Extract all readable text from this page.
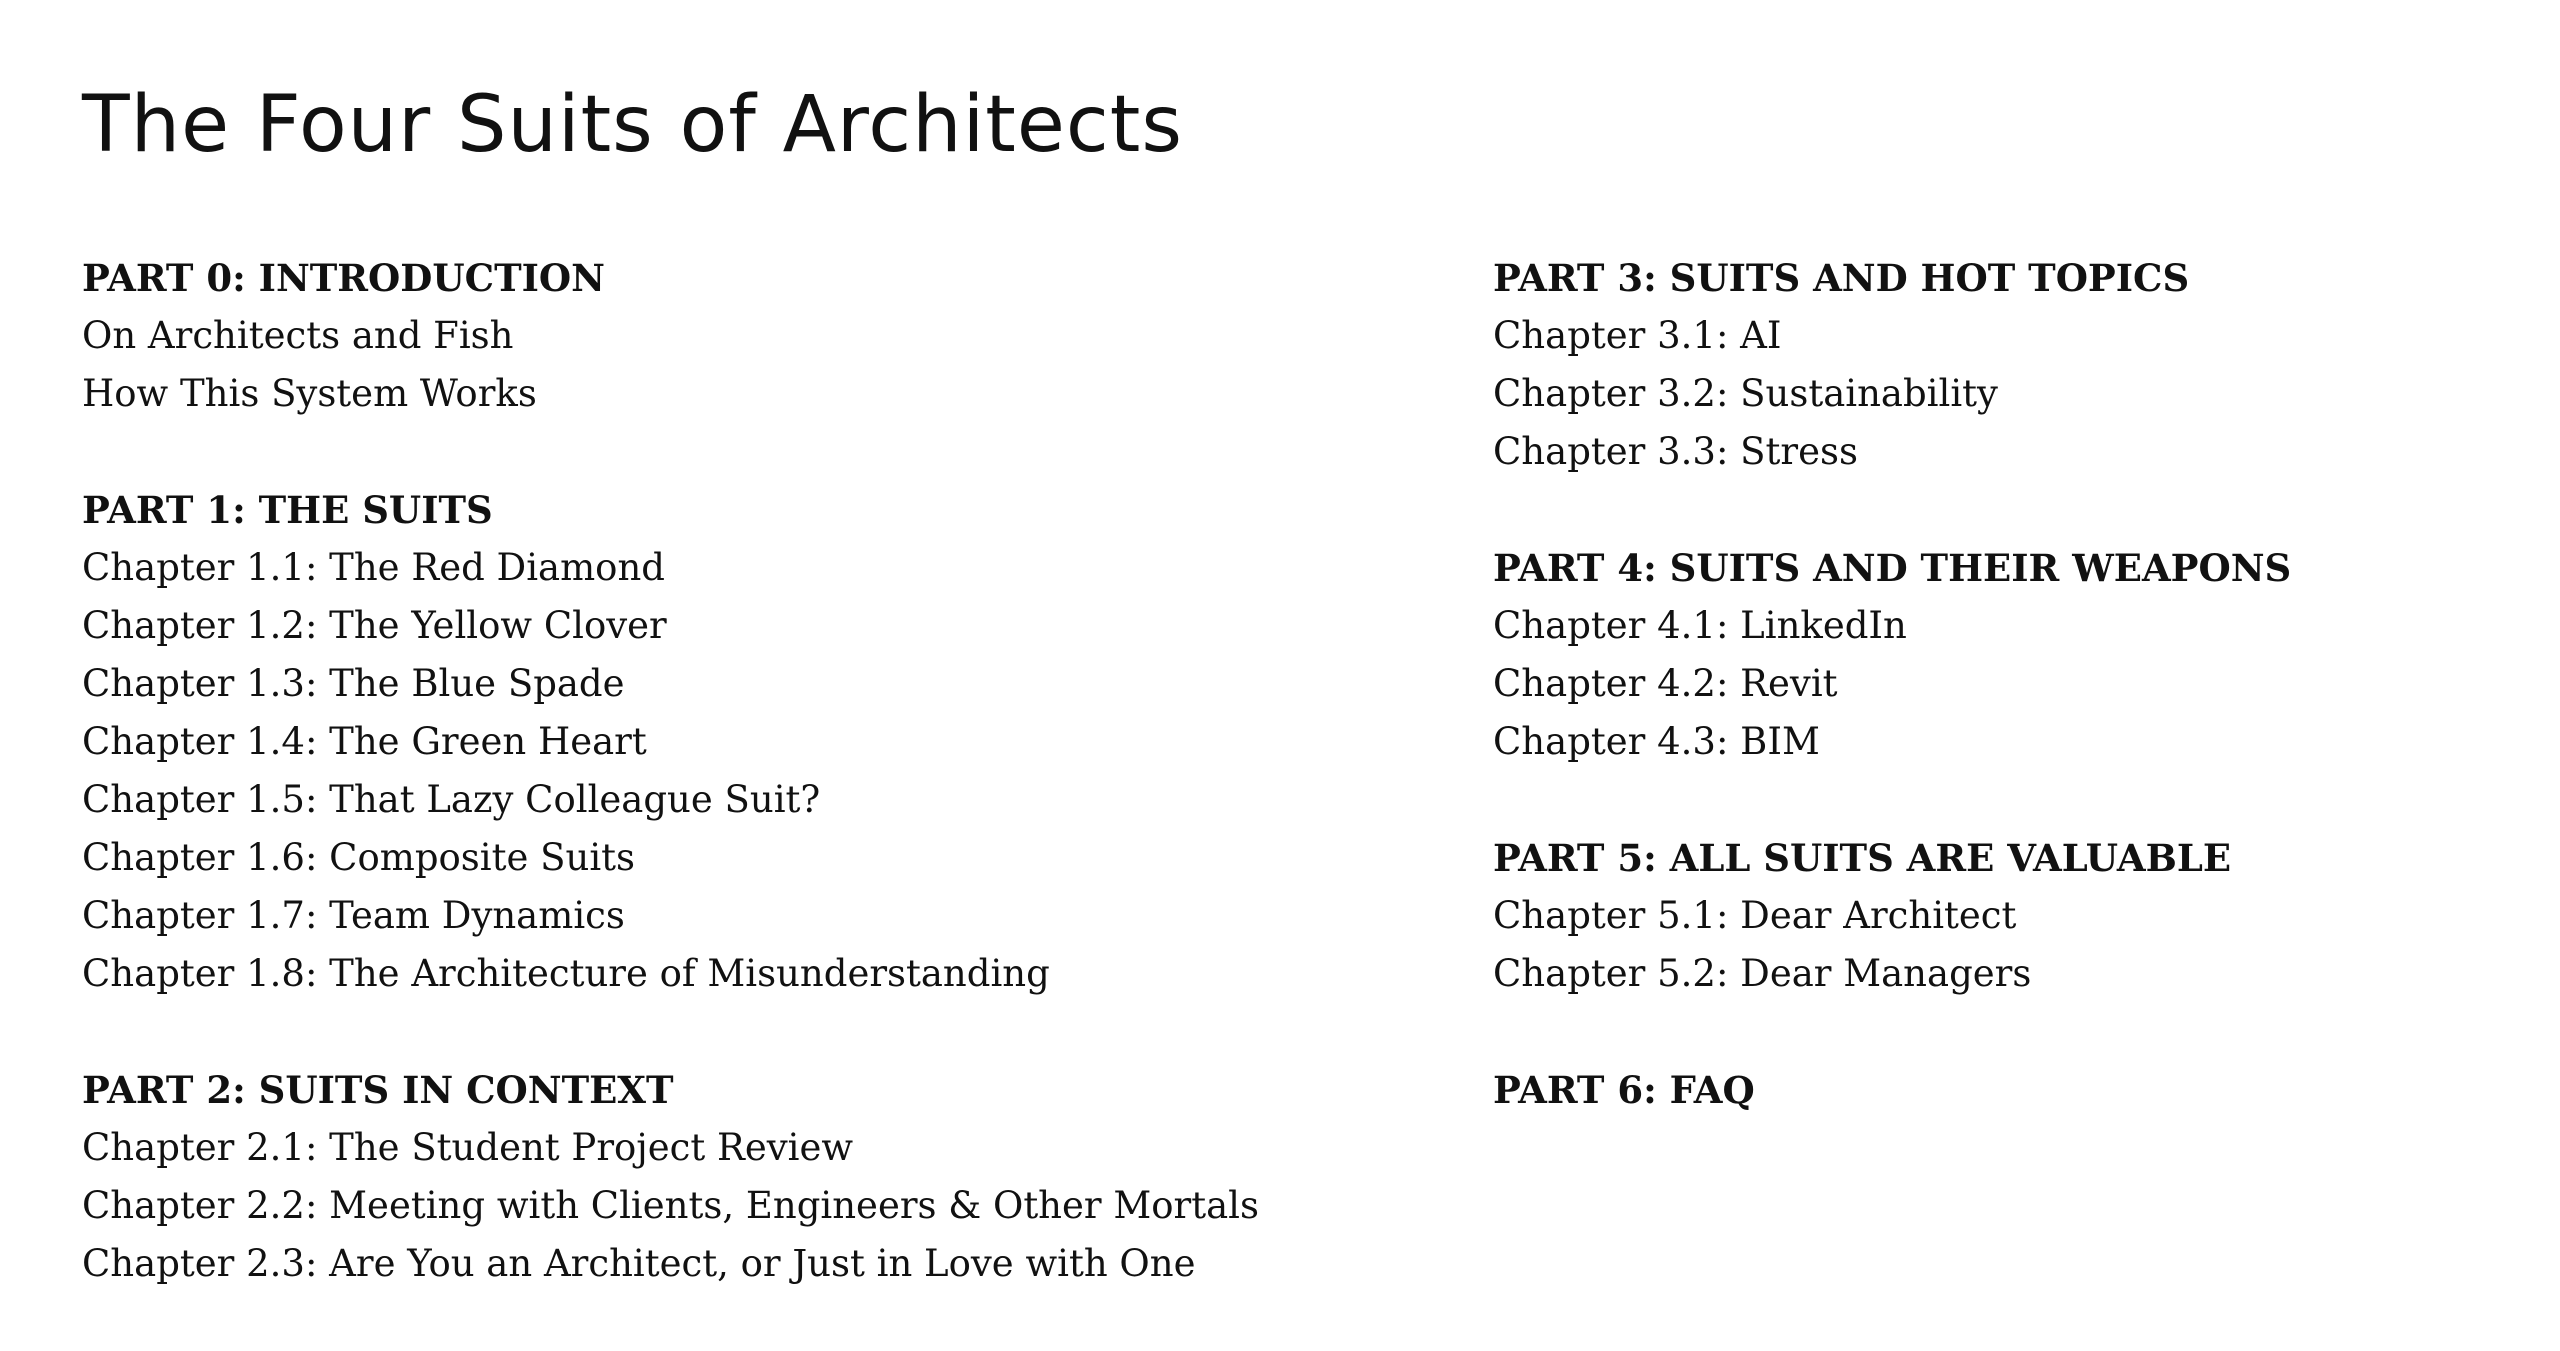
The Four Suits of Architects
PART 0: INTRODUCTION
On Architects and Fish
How This System Works
PART 1: THE SUITS
Chapter 1.1: The Red Diamond
Chapter 1.2: The Yellow Clover
Chapter 1.3: The Blue Spade
Chapter 1.4: The Green Heart
Chapter 1.5: That Lazy Colleague Suit?
Chapter 1.6: Composite Suits
Chapter 1.7: Team Dynamics
Chapter 1.8: The Architecture of Misunderstanding
PART 2: SUITS IN CONTEXT
Chapter 2.1: The Student Project Review
Chapter 2.2: Meeting with Clients, Engineers & Other Mortals
Chapter 2.3: Are You an Architect, or Just in Love with One
PART 3: SUITS AND HOT TOPICS
Chapter 3.1: AI
Chapter 3.2: Sustainability
Chapter 3.3: Stress
PART 4: SUITS AND THEIR WEAPONS
Chapter 4.1: LinkedIn
Chapter 4.2: Revit
Chapter 4.3: BIM
PART 5: ALL SUITS ARE VALUABLE
Chapter 5.1: Dear Architect
Chapter 5.2: Dear Managers
PART 6: FAQ
